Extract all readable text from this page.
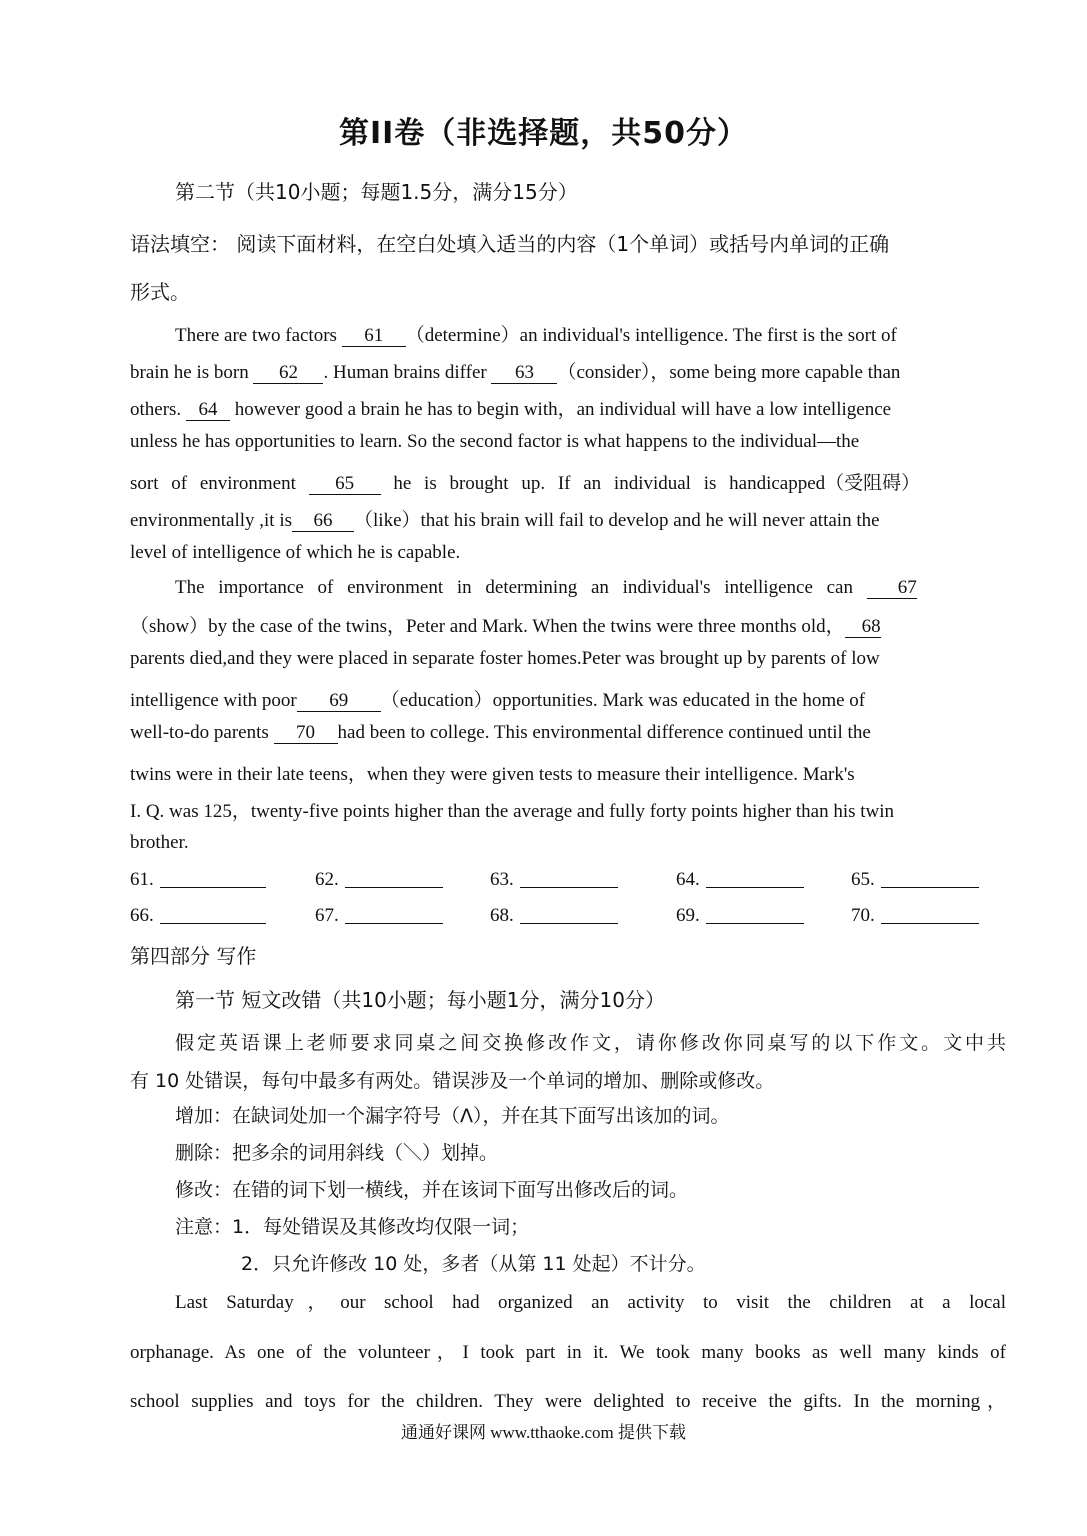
第II卷（非选择题，共50分）
第二节（共10小题；每题1.5分，满分15分）
语法填空： 阅读下面材料，在空白处填入适当的内容（1个单词）或括号内单词的正确
形式。
There are two factors 61 （determine）an individual's intelligence. The first is the sort of
brain he is born 62 . Human brains differ 63 （consider），some being more capable than
others. 64 however good a brain he has to begin with，an individual will have a low intelligence
unless he has opportunities to learn. So the second factor is what happens to the individual—the
sort of environment 65 he is brought up. If an individual is handicapped（受阻碍）
environmentally ,it is 66 （like）that his brain will fail to develop and he will never attain the
level of intelligence of which he is capable.
The importance of environment in determining an individual's intelligence can 67
（show）by the case of the twins，Peter and Mark. When the twins were three months old， 68
parents died,and they were placed in separate foster homes.Peter was brought up by parents of low
intelligence with poor 69 （education）opportunities. Mark was educated in the home of
well-to-do parents 70 had been to college. This environmental difference continued until the
twins were in their late teens，when they were given tests to measure their intelligence. Mark's
I. Q. was 125，twenty-five points higher than the average and fully forty points higher than his twin
brother.
61.	62.	63.	64.	65.
66.	67.	68.	69.	70.
第四部分 写作
第一节 短文改错（共10小题；每小题1分，满分10分）
假定英语课上老师要求同桌之间交换修改作文，请你修改你同桌写的以下作文。文中共
有 10 处错误，每句中最多有两处。错误涉及一个单词的增加、删除或修改。
增加：在缺词处加一个漏字符号（Λ），并在其下面写出该加的词。
删除：把多余的词用斜线（＼）划掉。
修改：在错的词下划一横线，并在该词下面写出修改后的词。
注意：1．每处错误及其修改均仅限一词；
2．只允许修改 10 处，多者（从第 11 处起）不计分。
Last Saturday，our school had organized an activity to visit the children at a local
orphanage. As one of the volunteer，I took part in it. We took many books as well many kinds of
school supplies and toys for the children. They were delighted to receive the gifts. In the morning，
通通好课网 www.tthaoke.com 提供下载
